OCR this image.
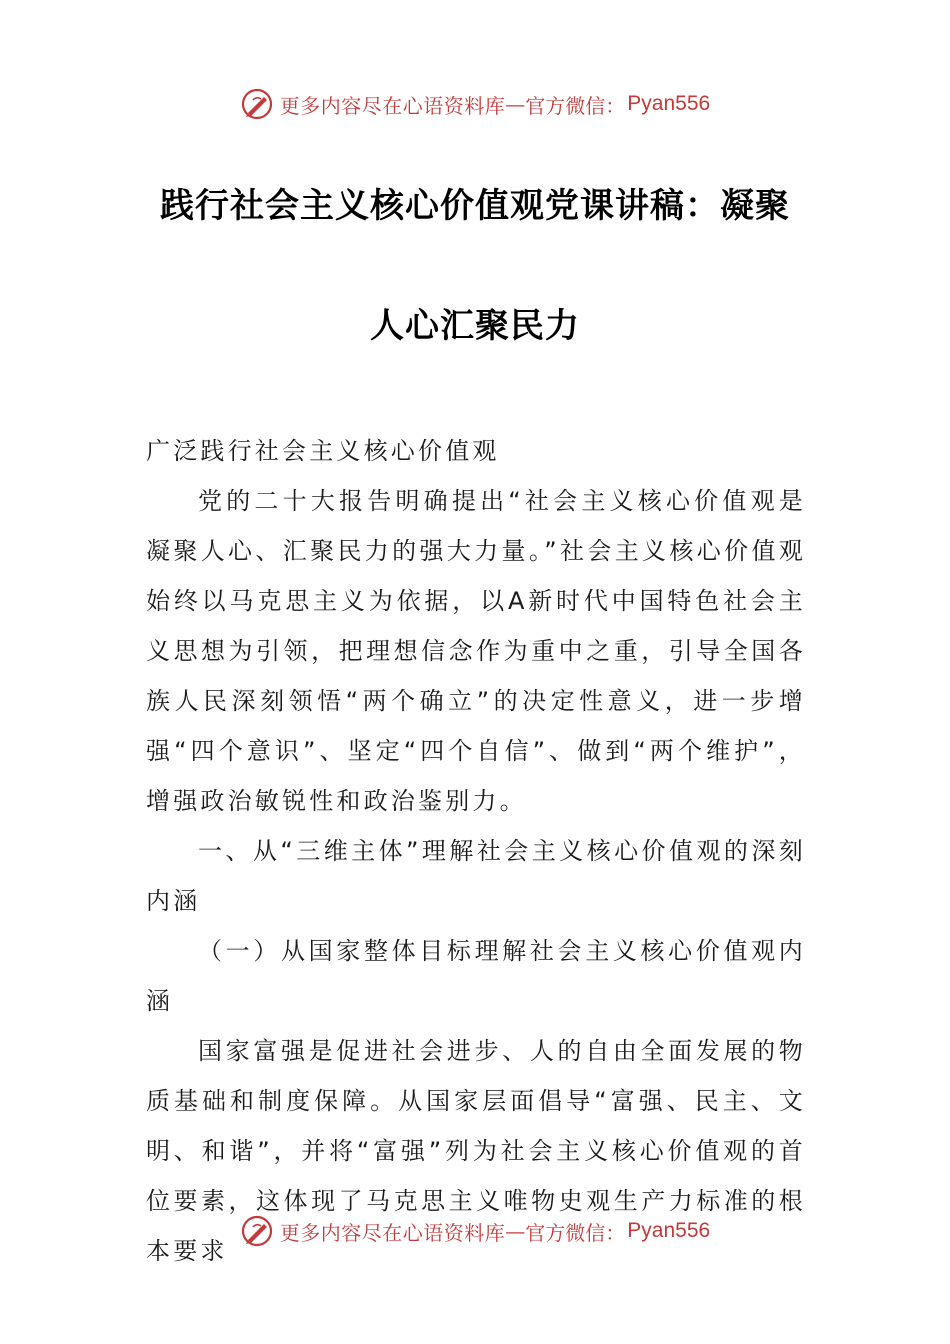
更多内容尽在心语资料库 — 官方微信： Pyan556
践行社会主义核心价值观党课讲稿：凝聚
人心汇聚民力

广泛践行社会主义核心价值观

党的二十大报告明确提出“社会主义核心价值观是凝聚人心、汇聚民力的强大力量。”社会主义核心价值观始终以马克思主义为依据，以A新时代中国特色社会主义思想为引领，把理想信念作为重中之重，引导全国各族人民深刻领悟“两个确立”的决定性意义，进一步增强“四个意识”、坚定“四个自信”、做到“两个维护”，增强政治敏锐性和政治鉴别力。

一、从“三维主体”理解社会主义核心价值观的深刻内涵

（一）从国家整体目标理解社会主义核心价值观内涵

国家富强是促进社会进步、人的自由全面发展的物质基础和制度保障。从国家层面倡导“富强、民主、文明、和谐”，并将“富强”列为社会主义核心价值观的首位要素，这体现了马克思主义唯物史观生产力标准的根本要求

更多内容尽在心语资料库 — 官方微信： Pyan556
